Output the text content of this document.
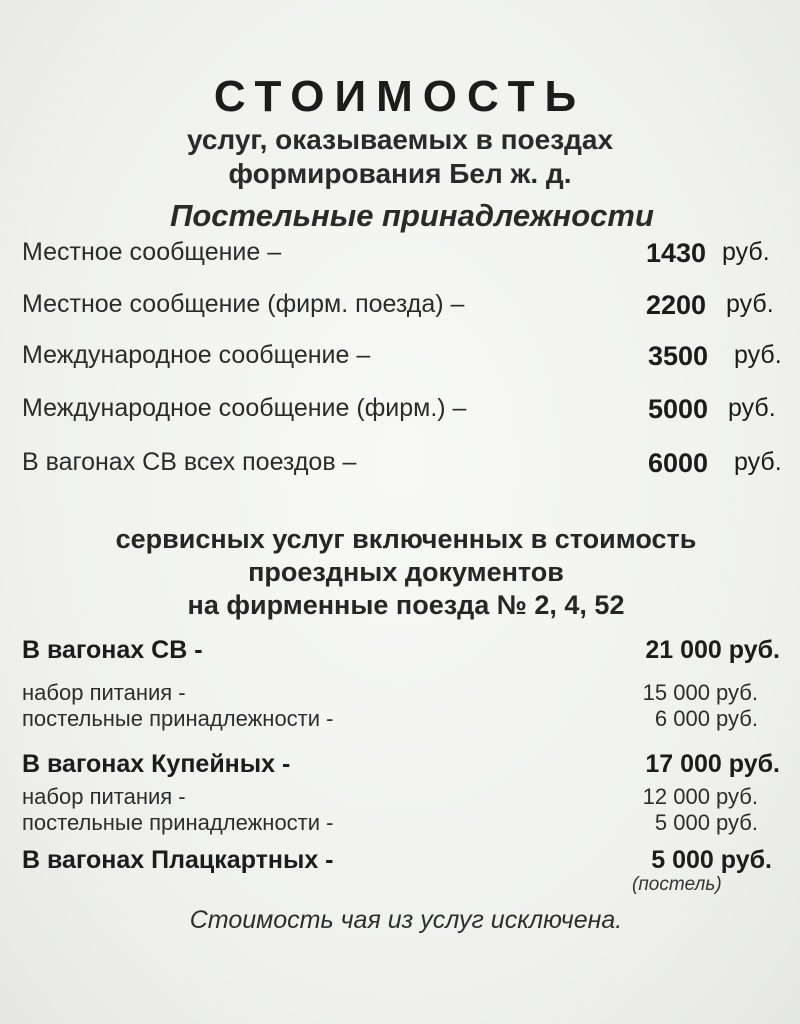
СТОИМОСТЬ
услуг, оказываемых в поездах
формирования Бел ж. д.
Постельные принадлежности
Местное сообщение –	1430 руб.
Местное сообщение (фирм. поезда) –	2200 руб.
Международное сообщение –	3500 руб.
Международное сообщение (фирм.) –	5000 руб.
В вагонах СВ всех поездов –	6000 руб.
сервисных услуг включенных в стоимость
проездных документов
на фирменные поезда № 2, 4, 52
В вагонах СВ -	21 000 руб.
набор питания -	15 000 руб.
постельные принадлежности -	6 000 руб.
В вагонах Купейных -	17 000 руб.
набор питания -	12 000 руб.
постельные принадлежности -	5 000 руб.
В вагонах Плацкартных -	5 000 руб.
(постель)
Стоимость чая из услуг исключена.
